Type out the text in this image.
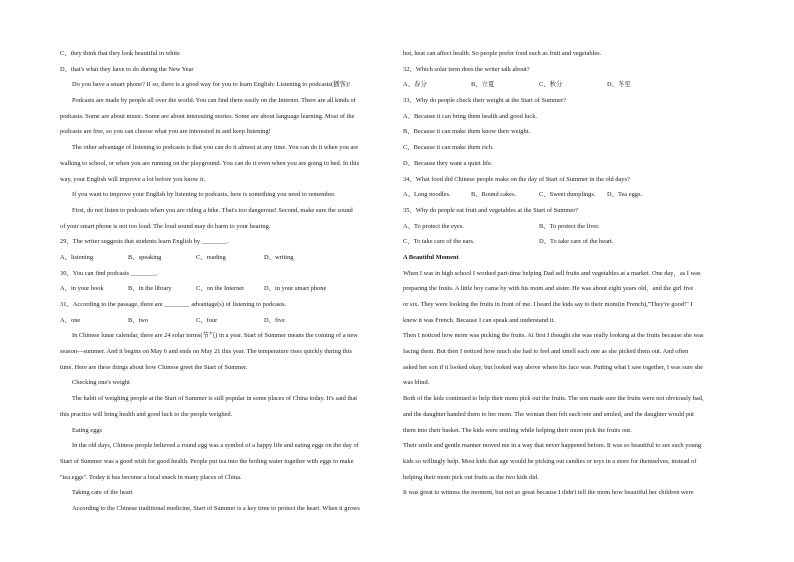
C、they think that they look beautiful in white
D、that's what they have to do during the New Year
Do you have a smart phone? If so, there is a good way for you to learn English: Listening to podcasts(播客)!
Podcasts are made by people all over the world. You can find them easily on the Internet. There are all kinds of
podcasts. Some are about music. Some are about interesting stories. Some are about language learning. Most of the
podcasts are free, so you can choose what you are interested in and keep listening!
The other advantage of listening to podcasts is that you can do it almost at any time. You can do it when you are
walking to school, or when you are running on the playground. You can do it even when you are going to bed. In this
way, your English will improve a lot before you know it.
If you want to improve your English by listening to podcasts, here is something you need to remember.
First, do not listen to podcasts when you are riding a bike. That's too dangerous! Second, make sure the sound
of your smart phone is not too loud. The loud sound may do harm to your hearing.
29、The writer suggests that students learn English by ________.
A、listening	B、speaking	C、reading	D、writing
30、You can find podcasts ________.
A、in your book	B、in the library	C、on the Internet	D、in your smart phone
31、According to the passage, there are ________ advantage(s) of listening to podcasts.
A、one	B、two	C、four	D、five
In Chinese lunar calendar, there are 24 solar terms(节气) in a year. Start of Summer means the coming of a new
season—summer. And it begins on May 6 and ends on May 21 this year. The temperature rises quickly during this
time. Here are three things about how Chinese greet the Start of Summer.
Checking one's weight
The habit of weighing people at the Start of Summer is still popular in some places of China today. It's said that
this practice will bring health and good luck to the people weighed.
Eating eggs
In the old days, Chinese people believed a round egg was a symbol of a happy life and eating eggs on the day of
Start of Summer was a good wish for good health. People put tea into the boiling water together with eggs to make
"tea eggs". Today it has become a local snack in many places of China.
Taking care of the heart
According to the Chinese traditional medicine, Start of Summer is a key time to protect the heart. When it grows
hot, heat can affect health. So people prefer food such as fruit and vegetables.
32、Which solar term does the writer talk about?
A、春分	B、立夏	C、秋分	D、冬至
33、Why do people check their weight at the Start of Summer?
A、Because it can bring them health and good luck.
B、Because it can make them know their weight.
C、Because it can make them rich.
D、Because they want a quiet life.
34、What food did Chinese people make on the day of Start of Summer in the old days?
A、Long noodles.	B、Round cakes.	C、Sweet dumplings.	D、Tea eggs.
35、Why do people eat fruit and vegetables at the Start of Summer?
A、To protect the eyes.	B、To protect the liver.
C、To take care of the ears.	D、To take care of the heart.
A Beautiful Moment
When I was in high school I worked part-time helping Dad sell fruits and vegetables at a market. One day，as I was
preparing the fruits. A little boy came by with his mom and sister. He was about eight years old，and the girl five
or six. They were looking the fruits in front of me. I heard the kids say to their mom(in French),"They're good!" I
knew it was French. Because I can speak and understand it.
Then I noticed how mom was picking the fruits. At first I thought she was really looking at the fruits because she was
facing them. But then I noticed how much she had to feel and smell each one as she picked them out. And often
asked her son if it looked okay, but looked way above where his face was. Putting what I saw together, I was sure she
was blind.
Both of the kids continued to help their mom pick out the fruits. The son made sure the fruits were not obviously bad,
and the daughter handed them to her mom. The woman then felt each one and smiled, and the daughter would put
them into their basket. The kids were smiling while helping their mom pick the fruits out.
Their smile and gentle manner moved me in a way that never happened before. It was so beautiful to see such young
kids so willingly help. Most kids that age would be picking out candies or toys in a store for themselves, instead of
helping their mom pick out fruits as the two kids did.
It was great to witness the moment, but not so great because I didn't tell the mom how beautiful her children were
